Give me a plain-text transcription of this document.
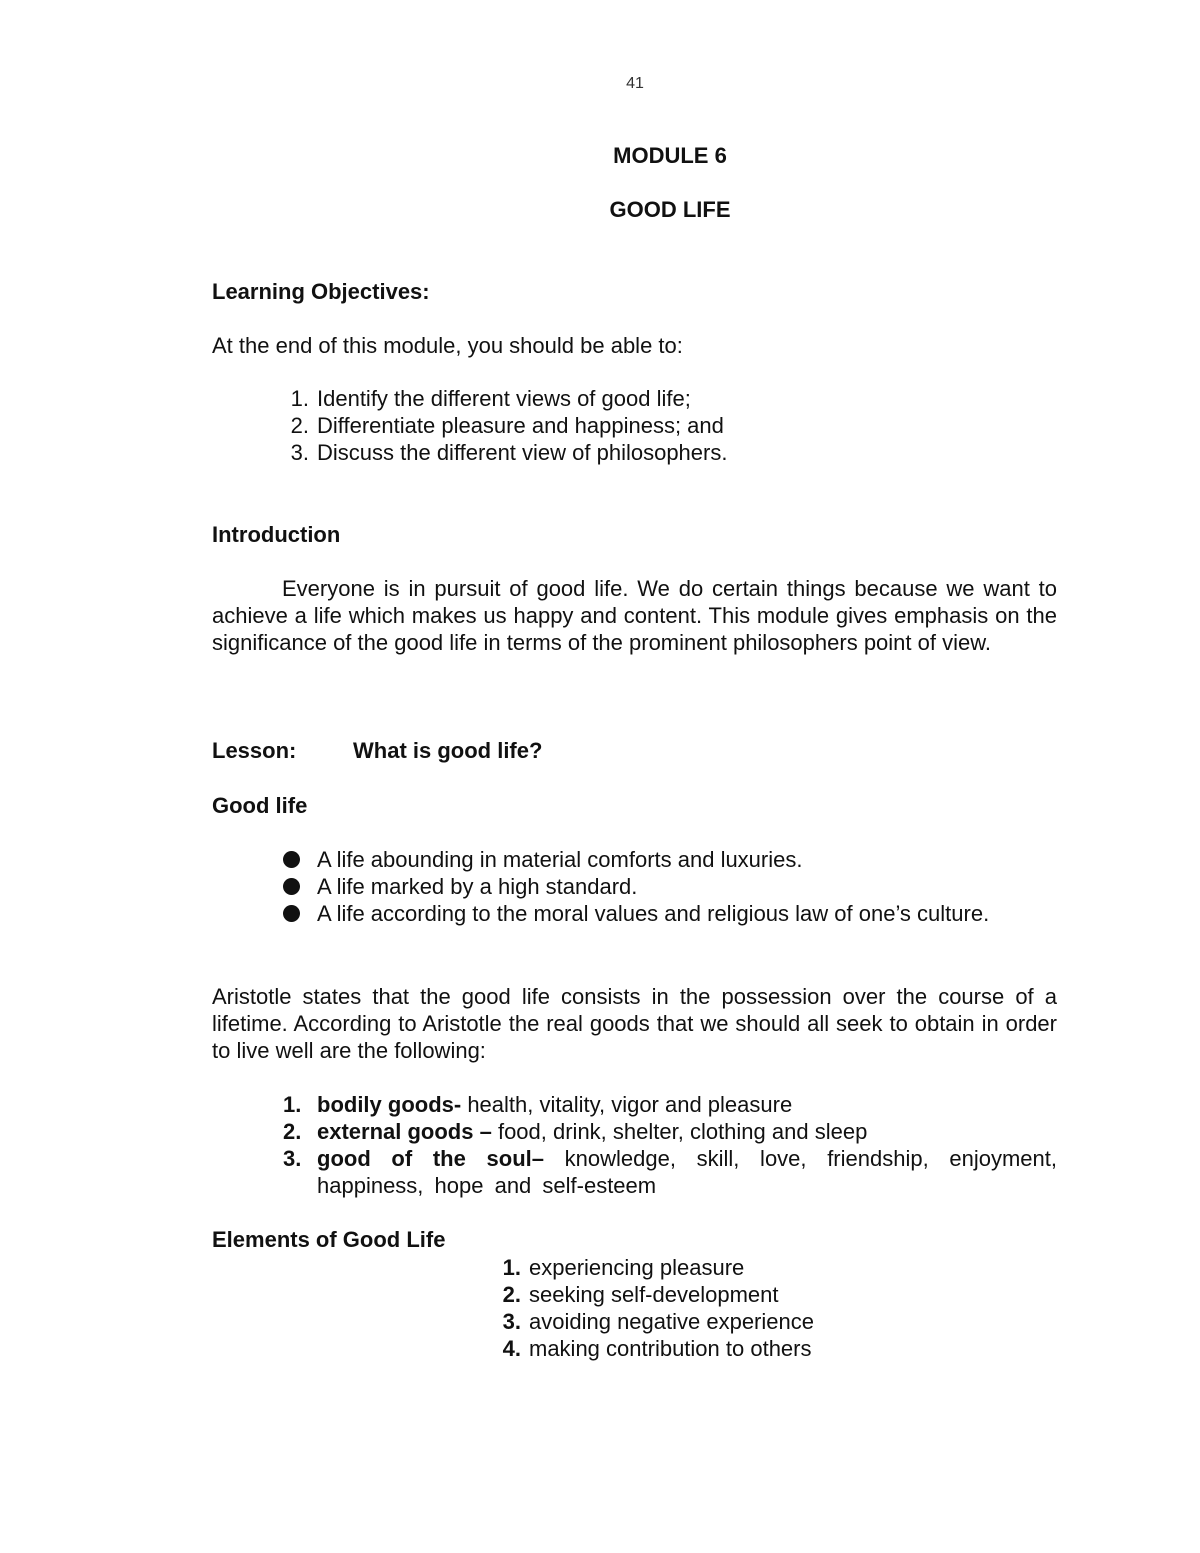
41
MODULE 6
GOOD LIFE
Learning Objectives:
At the end of this module, you should be able to:
1. Identify the different views of good life;
2. Differentiate pleasure and happiness; and
3. Discuss the different view of philosophers.
Introduction
Everyone is in pursuit of good life. We do certain things because we want to achieve a life which makes us happy and content. This module gives emphasis on the significance of the good life in terms of the prominent philosophers point of view.
Lesson:	What is good life?
Good life
A life abounding in material comforts and luxuries.
A life marked by a high standard.
A life according to the moral values and religious law of one’s culture.
Aristotle states that the good life consists in the possession over the course of a lifetime. According to Aristotle the real goods that we should all seek to obtain in order to live well are the following:
1. bodily goods- health, vitality, vigor and pleasure
2. external goods – food, drink, shelter, clothing and sleep
3. good of the soul– knowledge, skill, love, friendship, enjoyment, happiness, hope and self-esteem
Elements of Good Life
1. experiencing pleasure
2. seeking self-development
3. avoiding negative experience
4. making contribution to others
